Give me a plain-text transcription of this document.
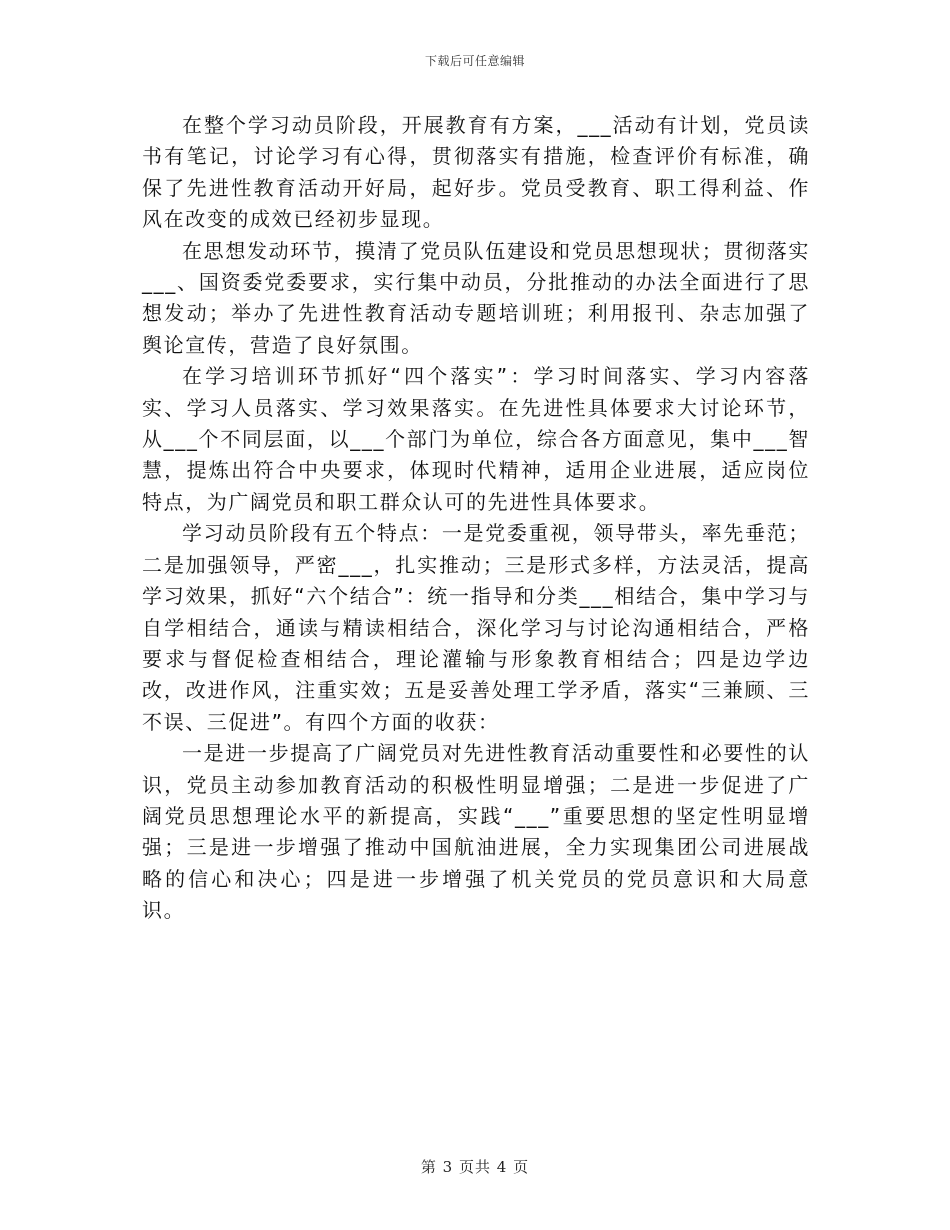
下载后可任意编辑

在整个学习动员阶段，开展教育有方案，___活动有计划，党员读书有笔记，讨论学习有心得，贯彻落实有措施，检查评价有标准，确保了先进性教育活动开好局，起好步。党员受教育、职工得利益、作风在改变的成效已经初步显现。

在思想发动环节，摸清了党员队伍建设和党员思想现状；贯彻落实___、国资委党委要求，实行集中动员，分批推动的办法全面进行了思想发动；举办了先进性教育活动专题培训班；利用报刊、杂志加强了舆论宣传，营造了良好氛围。

在学习培训环节抓好“四个落实”：学习时间落实、学习内容落实、学习人员落实、学习效果落实。在先进性具体要求大讨论环节，从___个不同层面，以___个部门为单位，综合各方面意见，集中___智慧，提炼出符合中央要求，体现时代精神，适用企业进展，适应岗位特点，为广阔党员和职工群众认可的先进性具体要求。

学习动员阶段有五个特点：一是党委重视，领导带头，率先垂范；二是加强领导，严密___，扎实推动；三是形式多样，方法灵活，提高学习效果，抓好“六个结合”：统一指导和分类___相结合，集中学习与自学相结合，通读与精读相结合，深化学习与讨论沟通相结合，严格要求与督促检查相结合，理论灌输与形象教育相结合；四是边学边改，改进作风，注重实效；五是妥善处理工学矛盾，落实“三兼顾、三不误、三促进”。有四个方面的收获：

一是进一步提高了广阔党员对先进性教育活动重要性和必要性的认识，党员主动参加教育活动的积极性明显增强；二是进一步促进了广阔党员思想理论水平的新提高，实践“___”重要思想的坚定性明显增强；三是进一步增强了推动中国航油进展，全力实现集团公司进展战略的信心和决心；四是进一步增强了机关党员的党员意识和大局意识。

第 3 页共 4 页
